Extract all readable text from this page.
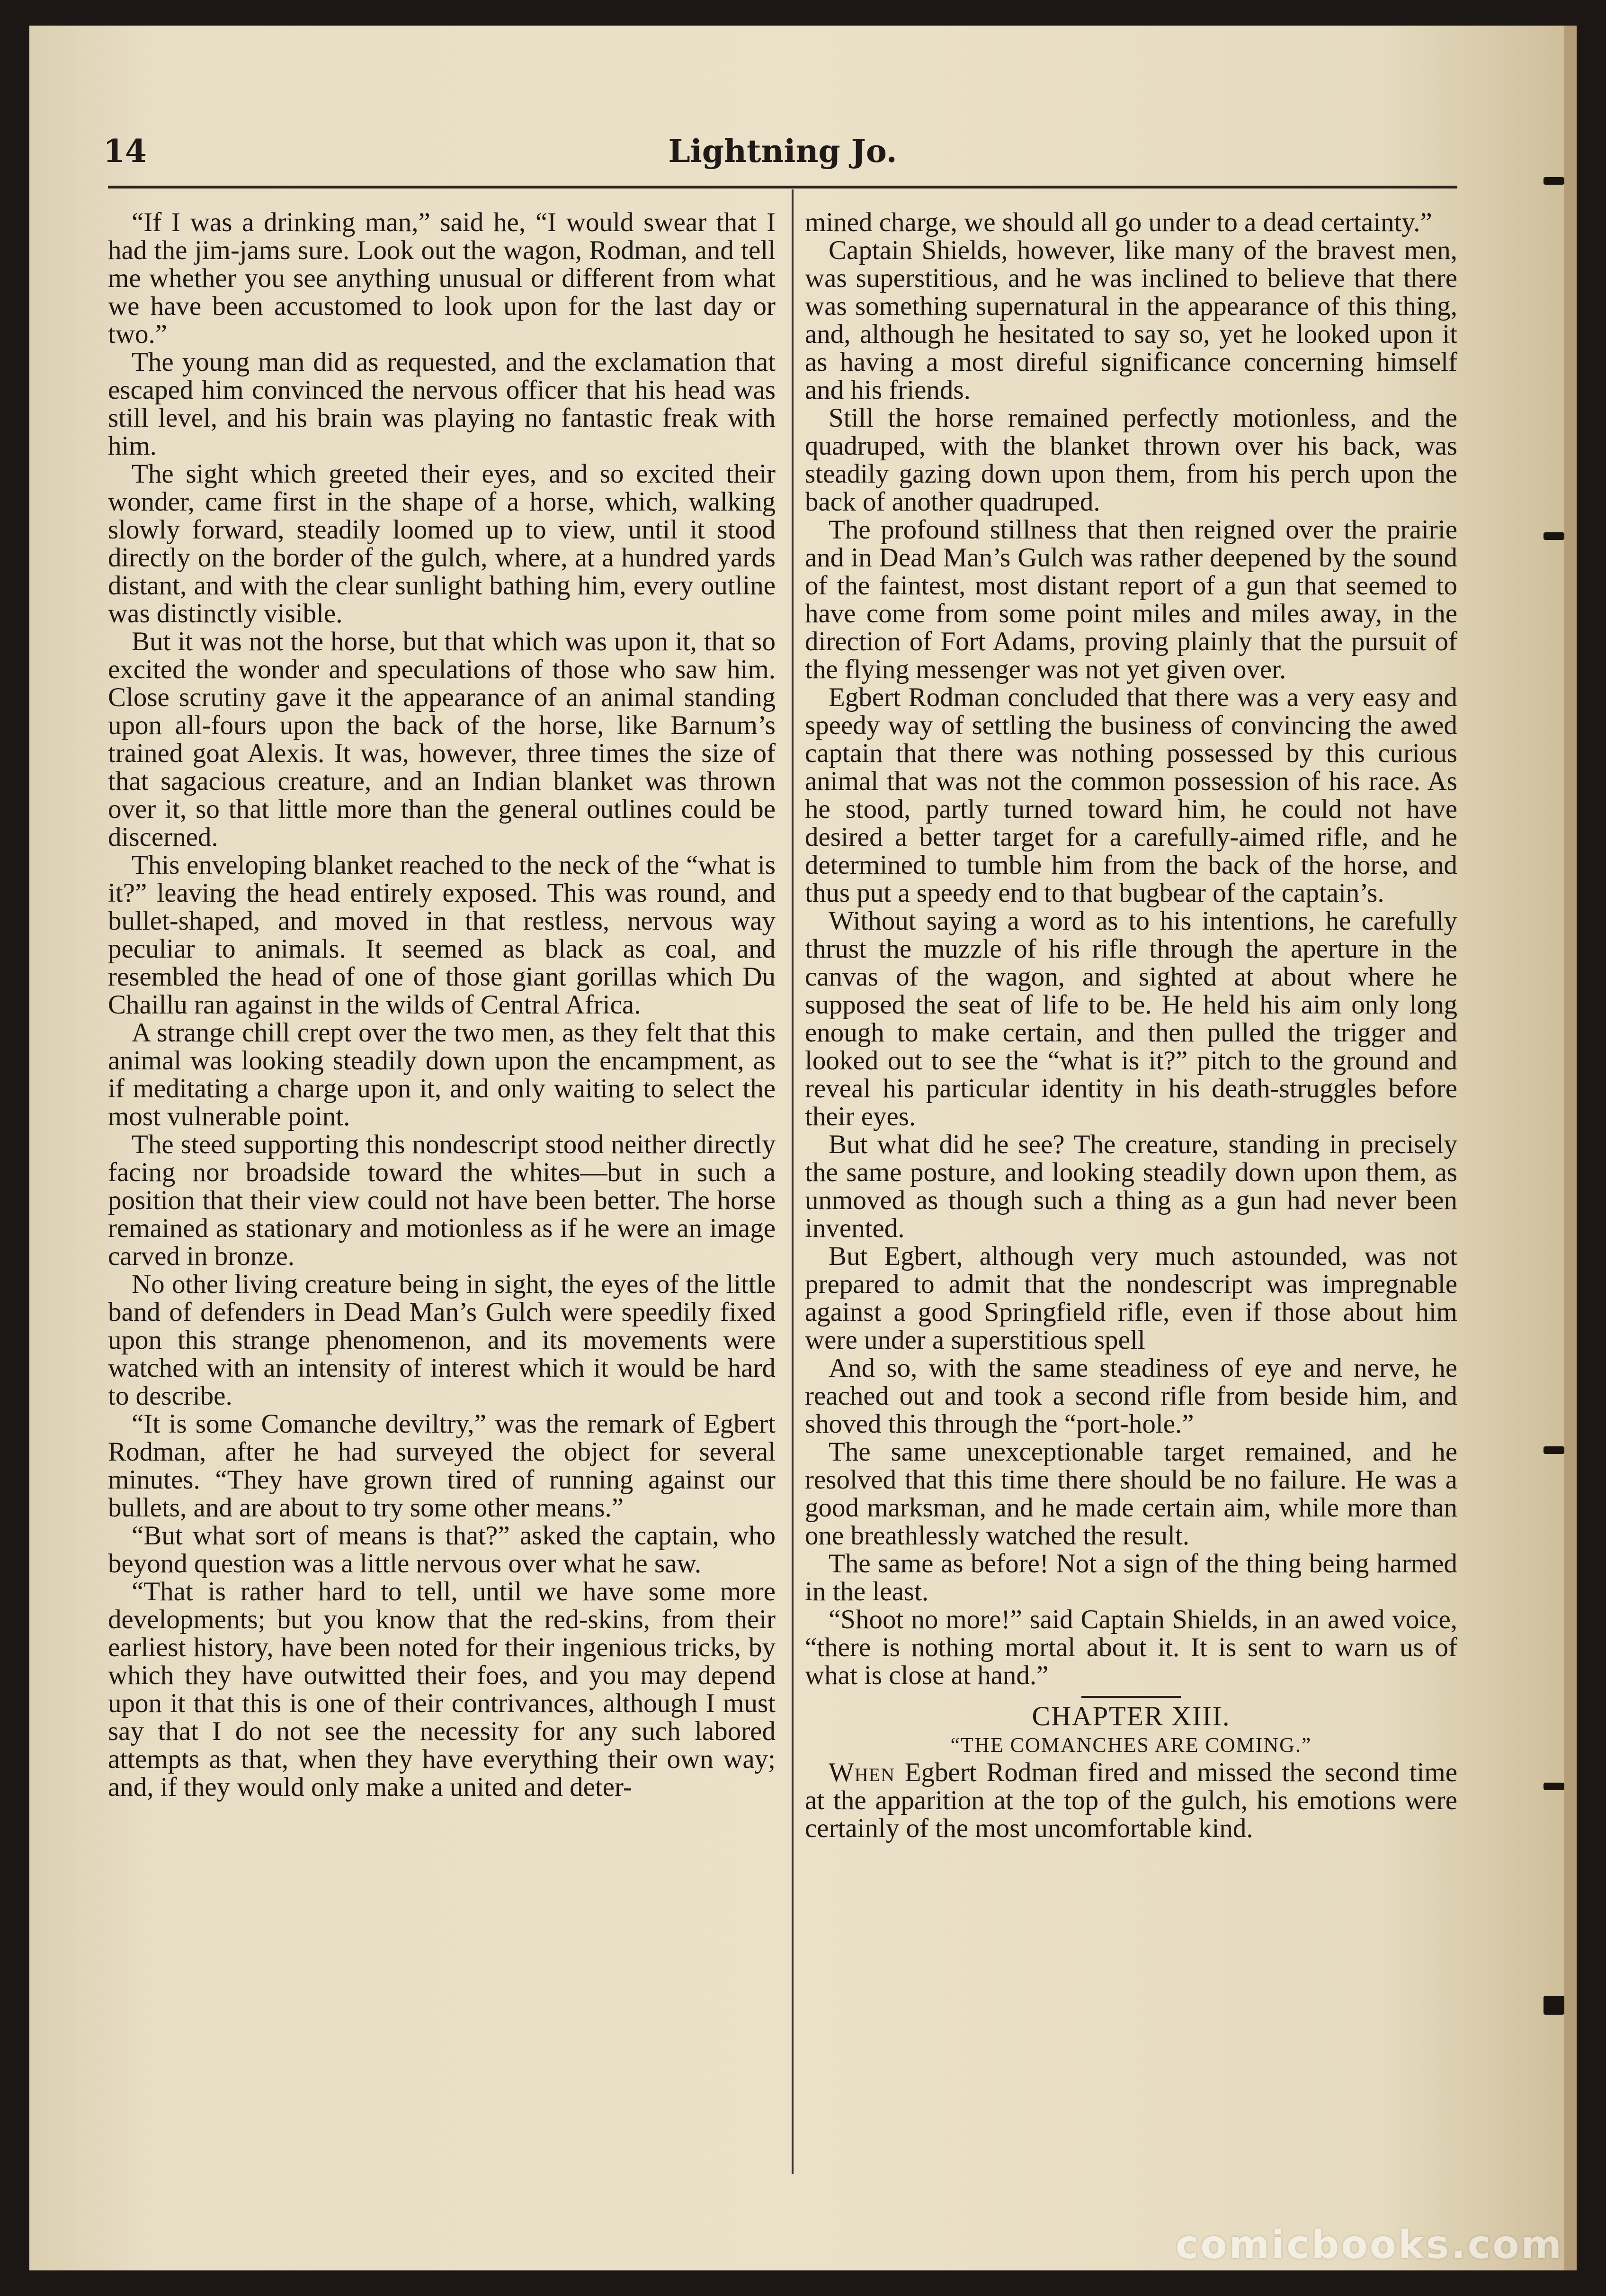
14	Lightning Jo.

“If I was a drinking man,” said he, “I would swear that I had the jim-jams sure. Look out the wagon, Rodman, and tell me whether you see anything unusual or different from what we have been accustomed to look upon for the last day or two.”

The young man did as requested, and the exclamation that escaped him convinced the nervous officer that his head was still level, and his brain was playing no fantastic freak with him.

The sight which greeted their eyes, and so excited their wonder, came first in the shape of a horse, which, walking slowly forward, steadily loomed up to view, until it stood directly on the border of the gulch, where, at a hundred yards distant, and with the clear sunlight bathing him, every outline was distinctly visible.

But it was not the horse, but that which was upon it, that so excited the wonder and speculations of those who saw him. Close scrutiny gave it the appearance of an animal standing upon all-fours upon the back of the horse, like Barnum’s trained goat Alexis. It was, however, three times the size of that sagacious creature, and an Indian blanket was thrown over it, so that little more than the general outlines could be discerned.

This enveloping blanket reached to the neck of the “what is it?” leaving the head entirely exposed. This was round, and bullet-shaped, and moved in that restless, nervous way peculiar to animals. It seemed as black as coal, and resembled the head of one of those giant gorillas which Du Chaillu ran against in the wilds of Central Africa.

A strange chill crept over the two men, as they felt that this animal was looking steadily down upon the encampment, as if meditating a charge upon it, and only waiting to select the most vulnerable point.

The steed supporting this nondescript stood neither directly facing nor broadside toward the whites—but in such a position that their view could not have been better. The horse remained as stationary and motionless as if he were an image carved in bronze.

No other living creature being in sight, the eyes of the little band of defenders in Dead Man’s Gulch were speedily fixed upon this strange phenomenon, and its movements were watched with an intensity of interest which it would be hard to describe.

“It is some Comanche deviltry,” was the remark of Egbert Rodman, after he had surveyed the object for several minutes. “They have grown tired of running against our bullets, and are about to try some other means.”

“But what sort of means is that?” asked the captain, who beyond question was a little nervous over what he saw.

“That is rather hard to tell, until we have some more developments; but you know that the red-skins, from their earliest history, have been noted for their ingenious tricks, by which they have outwitted their foes, and you may depend upon it that this is one of their contrivances, although I must say that I do not see the necessity for any such labored attempts as that, when they have everything their own way; and, if they would only make a united and deter-

mined charge, we should all go under to a dead certainty.”

Captain Shields, however, like many of the bravest men, was superstitious, and he was inclined to believe that there was something supernatural in the appearance of this thing, and, although he hesitated to say so, yet he looked upon it as having a most direful significance concerning himself and his friends.

Still the horse remained perfectly motionless, and the quadruped, with the blanket thrown over his back, was steadily gazing down upon them, from his perch upon the back of another quadruped.

The profound stillness that then reigned over the prairie and in Dead Man’s Gulch was rather deepened by the sound of the faintest, most distant report of a gun that seemed to have come from some point miles and miles away, in the direction of Fort Adams, proving plainly that the pursuit of the flying messenger was not yet given over.

Egbert Rodman concluded that there was a very easy and speedy way of settling the business of convincing the awed captain that there was nothing possessed by this curious animal that was not the common possession of his race. As he stood, partly turned toward him, he could not have desired a better target for a carefully-aimed rifle, and he determined to tumble him from the back of the horse, and thus put a speedy end to that bugbear of the captain’s.

Without saying a word as to his intentions, he carefully thrust the muzzle of his rifle through the aperture in the canvas of the wagon, and sighted at about where he supposed the seat of life to be. He held his aim only long enough to make certain, and then pulled the trigger and looked out to see the “what is it?” pitch to the ground and reveal his particular identity in his death-struggles before their eyes.

But what did he see? The creature, standing in precisely the same posture, and looking steadily down upon them, as unmoved as though such a thing as a gun had never been invented.

But Egbert, although very much astounded, was not prepared to admit that the nondescript was impregnable against a good Springfield rifle, even if those about him were under a superstitious spell

And so, with the same steadiness of eye and nerve, he reached out and took a second rifle from beside him, and shoved this through the “port-hole.”

The same unexceptionable target remained, and he resolved that this time there should be no failure. He was a good marksman, and he made certain aim, while more than one breathlessly watched the result.

The same as before! Not a sign of the thing being harmed in the least.

“Shoot no more!” said Captain Shields, in an awed voice, “there is nothing mortal about it. It is sent to warn us of what is close at hand.”

CHAPTER XIII.
“THE COMANCHES ARE COMING.”

When Egbert Rodman fired and missed the second time at the apparition at the top of the gulch, his emotions were certainly of the most uncomfortable kind.

comicbooks.com
